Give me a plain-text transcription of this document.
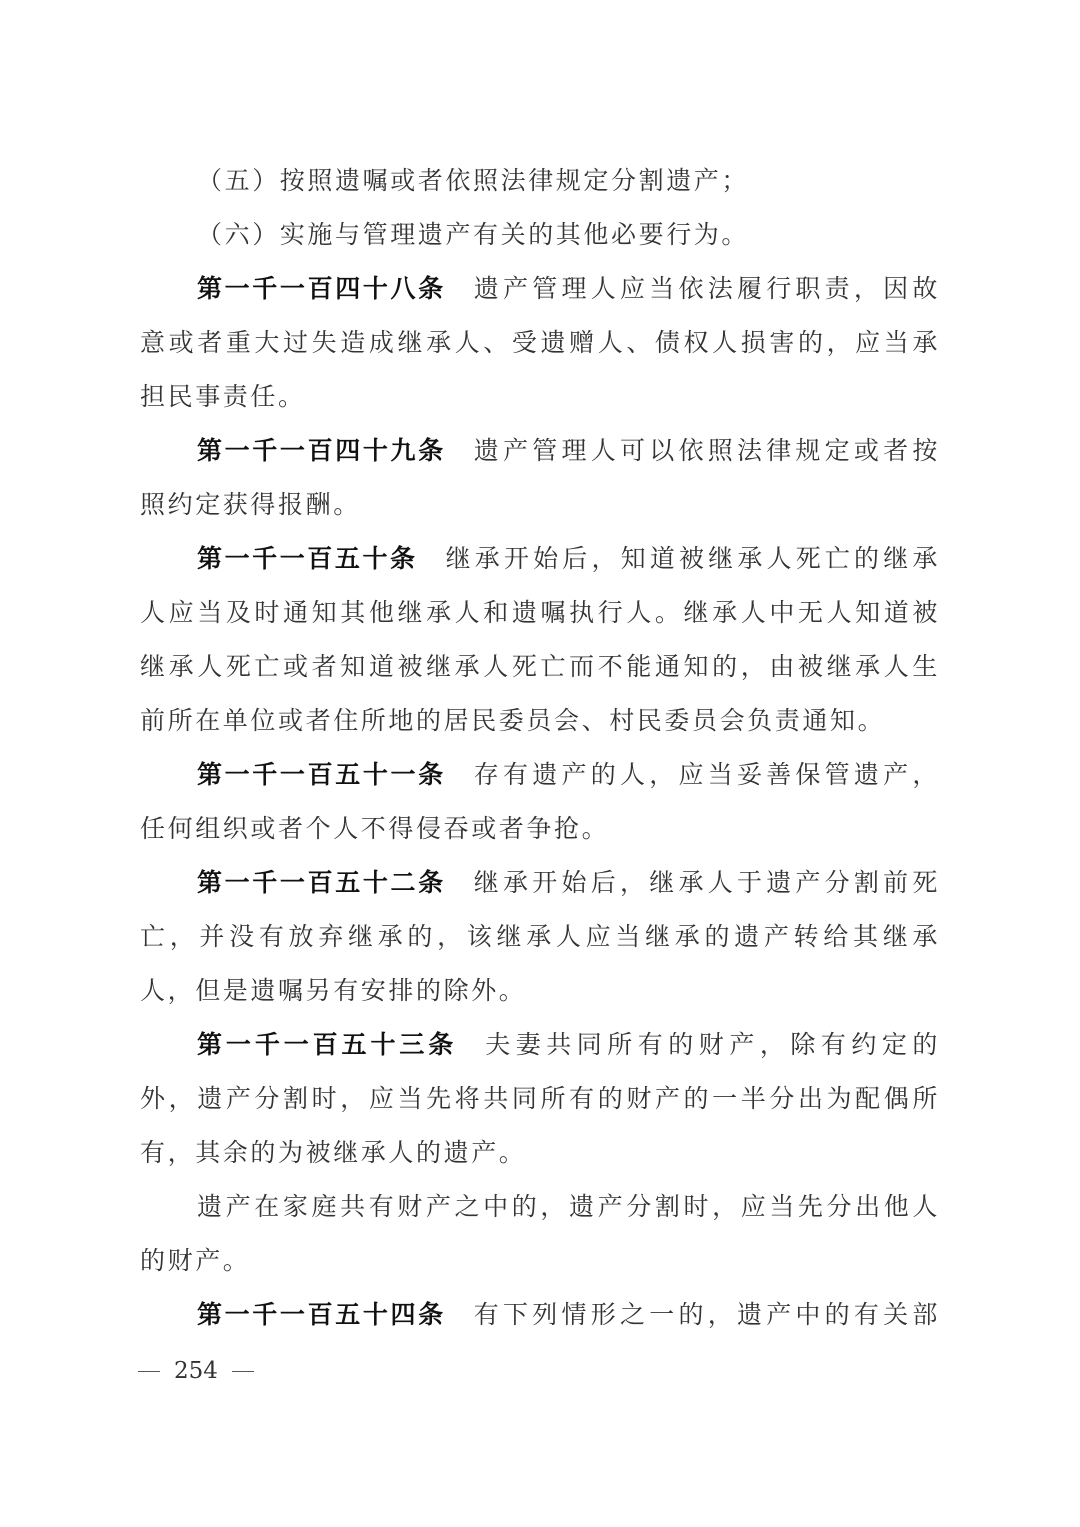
（五）按照遗嘱或者依照法律规定分割遗产；
（六）实施与管理遗产有关的其他必要行为。
第一千一百四十八条 遗产管理人应当依法履行职责，因故
意或者重大过失造成继承人、受遗赠人、债权人损害的，应当承
担民事责任。
第一千一百四十九条 遗产管理人可以依照法律规定或者按
照约定获得报酬。
第一千一百五十条 继承开始后，知道被继承人死亡的继承
人应当及时通知其他继承人和遗嘱执行人。继承人中无人知道被
继承人死亡或者知道被继承人死亡而不能通知的，由被继承人生
前所在单位或者住所地的居民委员会、村民委员会负责通知。
第一千一百五十一条 存有遗产的人，应当妥善保管遗产，
任何组织或者个人不得侵吞或者争抢。
第一千一百五十二条 继承开始后，继承人于遗产分割前死
亡，并没有放弃继承的，该继承人应当继承的遗产转给其继承
人，但是遗嘱另有安排的除外。
第一千一百五十三条 夫妻共同所有的财产，除有约定的
外，遗产分割时，应当先将共同所有的财产的一半分出为配偶所
有，其余的为被继承人的遗产。
遗产在家庭共有财产之中的，遗产分割时，应当先分出他人
的财产。
第一千一百五十四条 有下列情形之一的，遗产中的有关部
254
